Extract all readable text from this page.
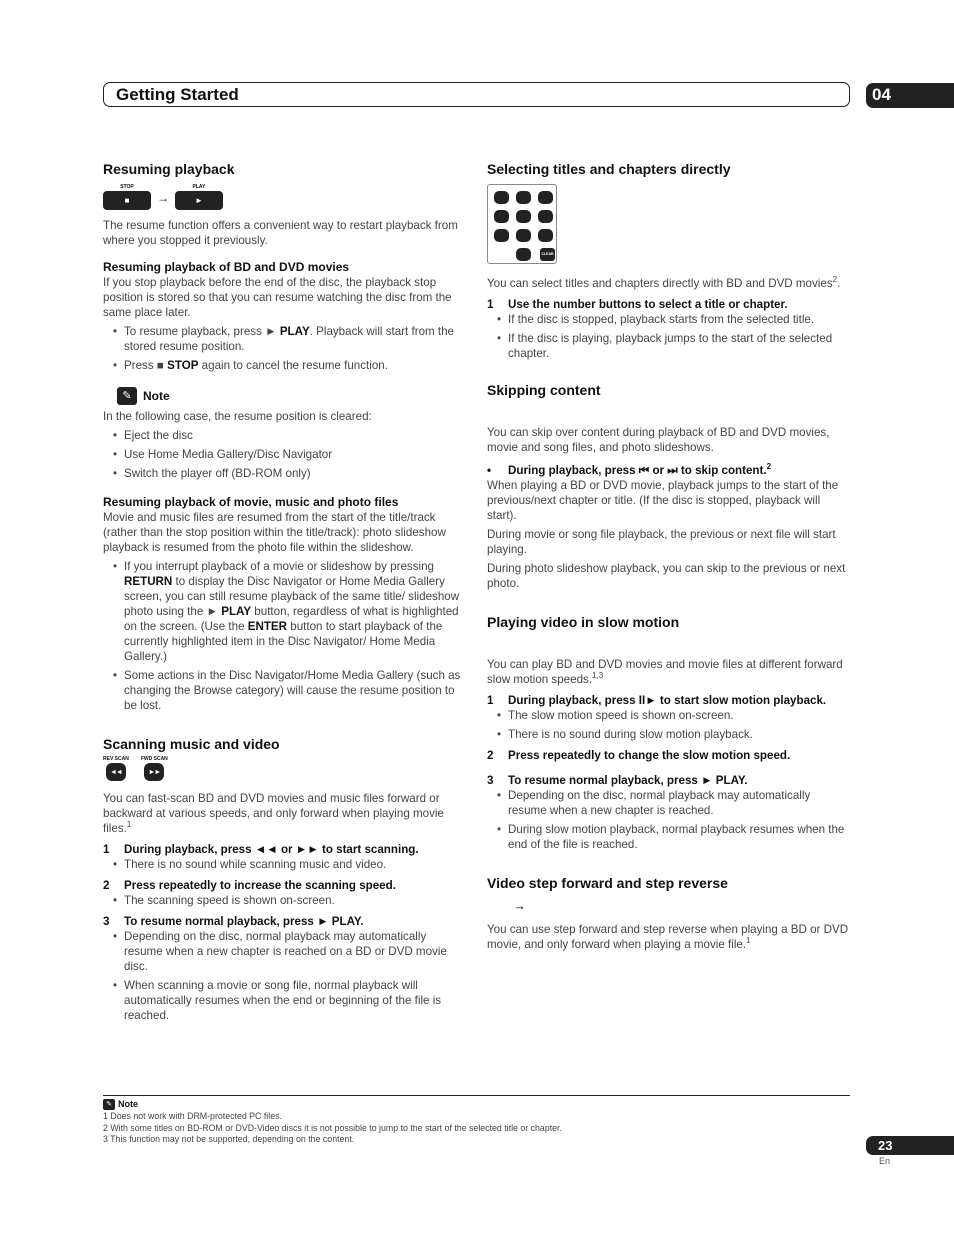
Getting Started	04
Resuming playback
STOP
■	→
PLAY
►

The resume function offers a convenient way to restart playback from where you stopped it previously.

Resuming playback of BD and DVD movies

If you stop playback before the end of the disc, the playback stop position is stored so that you can resume watching the disc from the same place later.

• To resume playback, press ► PLAY. Playback will start from the stored resume position.
• Press ■ STOP again to cancel the resume function.
✎ Note

In the following case, the resume position is cleared:

• Eject the disc
• Use Home Media Gallery/Disc Navigator
• Switch the player off (BD-ROM only)
Resuming playback of movie, music and photo files

Movie and music files are resumed from the start of the title/track (rather than the stop position within the title/track): photo slideshow playback is resumed from the photo file within the slideshow.

• If you interrupt playback of a movie or slideshow by pressing RETURN to display the Disc Navigator or Home Media Gallery screen, you can still resume playback of the same title/ slideshow photo using the ► PLAY button, regardless of what is highlighted on the screen. (Use the ENTER button to start playback of the currently highlighted item in the Disc Navigator/ Home Media Gallery.)
• Some actions in the Disc Navigator/Home Media Gallery (such as changing the Browse category) will cause the resume position to be lost.
Scanning music and video
REV SCAN
◄◄
FWD SCAN
►►

You can fast-scan BD and DVD movies and music files forward or backward at various speeds, and only forward when playing movie files.$^1$

1 During playback, press ◄◄ or ►► to start scanning.
• There is no sound while scanning music and video.
2 Press repeatedly to increase the scanning speed.
• The scanning speed is shown on-screen.
3 To resume normal playback, press ► PLAY.
• Depending on the disc, normal playback may automatically resume when a new chapter is reached on a BD or DVD movie disc.
• When scanning a movie or song file, normal playback will automatically resumes when the end or beginning of the file is reached.
Selecting titles and chapters directly
CLEAR

You can select titles and chapters directly with BD and DVD movies$^2$.

1 Use the number buttons to select a title or chapter.
• If the disc is stopped, playback starts from the selected title.
• If the disc is playing, playback jumps to the start of the selected chapter.
Skipping content

You can skip over content during playback of BD and DVD movies, movie and song files, and photo slideshows.

• During playback, press ⏮ or ⏭ to skip content.$^2$

When playing a BD or DVD movie, playback jumps to the start of the previous/next chapter or title. (If the disc is stopped, playback will start).

During movie or song file playback, the previous or next file will start playing.

During photo slideshow playback, you can skip to the previous or next photo.

Playing video in slow motion

You can play BD and DVD movies and movie files at different forward slow motion speeds.$^{1,3}$

1 During playback, press II► to start slow motion playback.
• The slow motion speed is shown on-screen.
• There is no sound during slow motion playback.
2 Press repeatedly to change the slow motion speed.
3 To resume normal playback, press ► PLAY.
• Depending on the disc, normal playback may automatically resume when a new chapter is reached.
• During slow motion playback, normal playback resumes when the end of the file is reached.
Video step forward and step reverse
→

You can use step forward and step reverse when playing a BD or DVD movie, and only forward when playing a movie file.$^1$

✎ Note
1 Does not work with DRM-protected PC files.
2 With some titles on BD-ROM or DVD-Video discs it is not possible to jump to the start of the selected title or chapter.
3 This function may not be supported, depending on the content.	23
En
